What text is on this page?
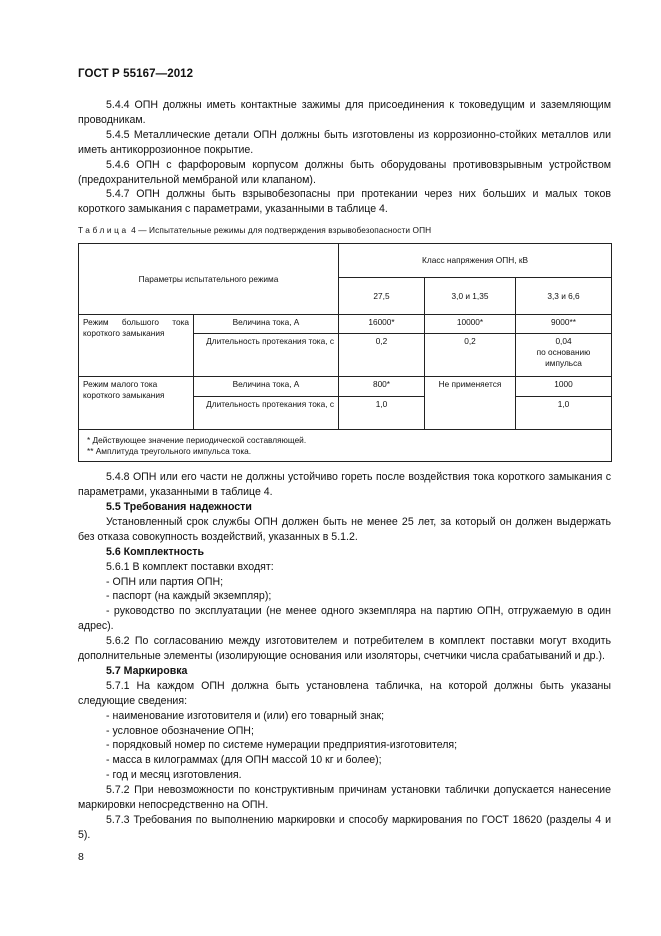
ГОСТ Р 55167—2012

5.4.4 ОПН должны иметь контактные зажимы для присоединения к токоведущим и заземляющим проводникам.

5.4.5 Металлические детали ОПН должны быть изготовлены из коррозионно-стойких металлов или иметь антикоррозионное покрытие.

5.4.6 ОПН с фарфоровым корпусом должны быть оборудованы противовзрывным устройством (предохранительной мембраной или клапаном).

5.4.7 ОПН должны быть взрывобезопасны при протекании через них больших и малых токов короткого замыкания с параметрами, указанными в таблице 4.

Таблица 4 — Испытательные режимы для подтверждения взрывобезопасности ОПН
Параметры испытательного режима		Класс напряжения ОПН, кВ		
		27,5	3,0 и 1,35	3,3 и 6,6
Режим большого тока короткого замыкания	Величина тока, А	16000*	10000*	9000**
	Длительность протекания тока, с	0,2	0,2	0,04
по основанию
импульса

Режим малого тока короткого замыкания	Величина тока, А	800*	Не применяется	1000
	Длительность протекания тока, с	1,0		1,0

* Действующее значение периодической составляющей.

** Амплитуда треугольного импульса тока.				

5.4.8 ОПН или его части не должны устойчиво гореть после воздействия тока короткого замыкания с параметрами, указанными в таблице 4.

5.5 Требования надежности

Установленный срок службы ОПН должен быть не менее 25 лет, за который он должен выдержать без отказа совокупность воздействий, указанных в 5.1.2.

5.6 Комплектность

5.6.1 В комплект поставки входят:

- ОПН или партия ОПН;

- паспорт (на каждый экземпляр);

- руководство по эксплуатации (не менее одного экземпляра на партию ОПН, отгружаемую в один адрес).

5.6.2 По согласованию между изготовителем и потребителем в комплект поставки могут входить дополнительные элементы (изолирующие основания или изоляторы, счетчики числа срабатываний и др.).

5.7 Маркировка

5.7.1 На каждом ОПН должна быть установлена табличка, на которой должны быть указаны следующие сведения:

- наименование изготовителя и (или) его товарный знак;

- условное обозначение ОПН;

- порядковый номер по системе нумерации предприятия-изготовителя;

- масса в килограммах (для ОПН массой 10 кг и более);

- год и месяц изготовления.

5.7.2 При невозможности по конструктивным причинам установки таблички допускается нанесение маркировки непосредственно на ОПН.

5.7.3 Требования по выполнению маркировки и способу маркирования по ГОСТ 18620 (разделы 4 и 5).

8
